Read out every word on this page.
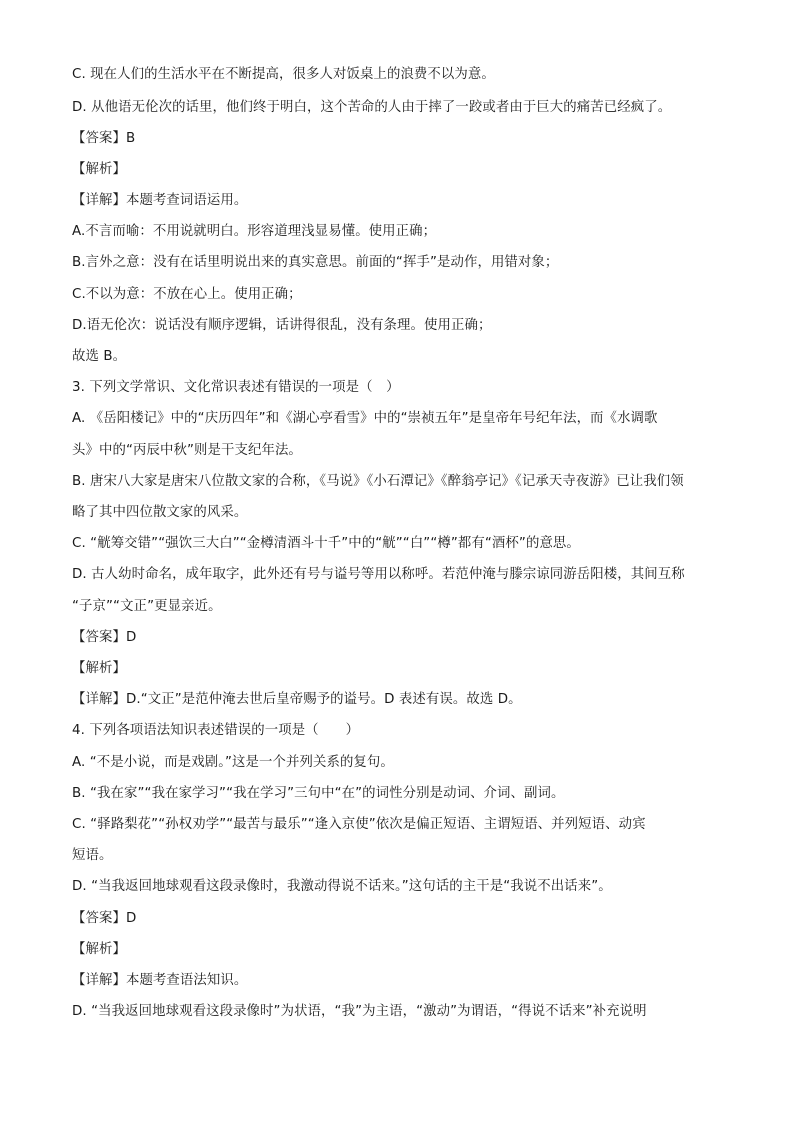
C. 现在人们的生活水平在不断提高，很多人对饭桌上的浪费不以为意。
D. 从他语无伦次的话里，他们终于明白，这个苦命的人由于摔了一跤或者由于巨大的痛苦已经疯了。
【答案】B
【解析】
【详解】本题考查词语运用。
A.不言而喻：不用说就明白。形容道理浅显易懂。使用正确；
B.言外之意：没有在话里明说出来的真实意思。前面的“挥手”是动作，用错对象；
C.不以为意：不放在心上。使用正确；
D.语无伦次：说话没有顺序逻辑，话讲得很乱，没有条理。使用正确；
故选 B。
3. 下列文学常识、文化常识表述有错误的一项是（　）
A. 《岳阳楼记》中的“庆历四年”和《湖心亭看雪》中的“崇祯五年”是皇帝年号纪年法，而《水调歌
头》中的“丙辰中秋”则是干支纪年法。
B. 唐宋八大家是唐宋八位散文家的合称，《马说》《小石潭记》《醉翁亭记》《记承天寺夜游》已让我们领
略了其中四位散文家的风采。
C. “觥筹交错”“强饮三大白”“金樽清酒斗十千”中的“觥”“白”“樽”都有“酒杯”的意思。
D. 古人幼时命名，成年取字，此外还有号与谥号等用以称呼。若范仲淹与滕宗谅同游岳阳楼，其间互称
“子京”“文正”更显亲近。
【答案】D
【解析】
【详解】D.“文正”是范仲淹去世后皇帝赐予的谥号。D 表述有误。故选 D。
4. 下列各项语法知识表述错误的一项是（　　）
A. “不是小说，而是戏剧。”这是一个并列关系的复句。
B. “我在家”“我在家学习”“我在学习”三句中“在”的词性分别是动词、介词、副词。
C. “驿路梨花”“孙权劝学”“最苦与最乐”“逢入京使”依次是偏正短语、主谓短语、并列短语、动宾
短语。
D. “当我返回地球观看这段录像时，我激动得说不话来。”这句话的主干是“我说不出话来”。
【答案】D
【解析】
【详解】本题考查语法知识。
D. “当我返回地球观看这段录像时”为状语，“我”为主语，“激动”为谓语，“得说不话来”补充说明
